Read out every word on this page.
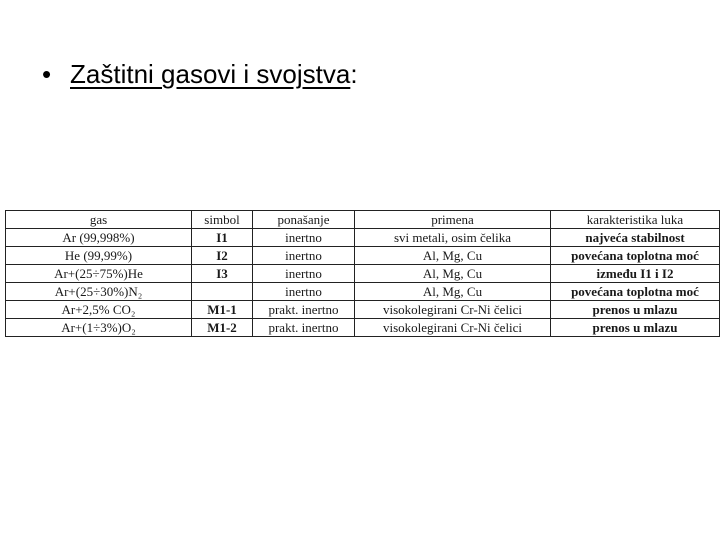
• Zaštitni gasovi i svojstva:
gas	simbol	ponašanje	primena	karakteristika luka
Ar (99,998%)	I1	inertno	svi metali, osim čelika	najveća stabilnost
He (99,99%)	I2	inertno	Al, Mg, Cu	povećana toplotna moć
Ar+(25÷75%)He	I3	inertno	Al, Mg, Cu	između I1 i I2
Ar+(25÷30%)N₂		inertno	Al, Mg, Cu	povećana toplotna moć
Ar+2,5% CO₂	M1-1	prakt. inertno	visokolegirani Cr-Ni čelici	prenos u mlazu
Ar+(1÷3%)O₂	M1-2	prakt. inertno	visokolegirani Cr-Ni čelici	prenos u mlazu
